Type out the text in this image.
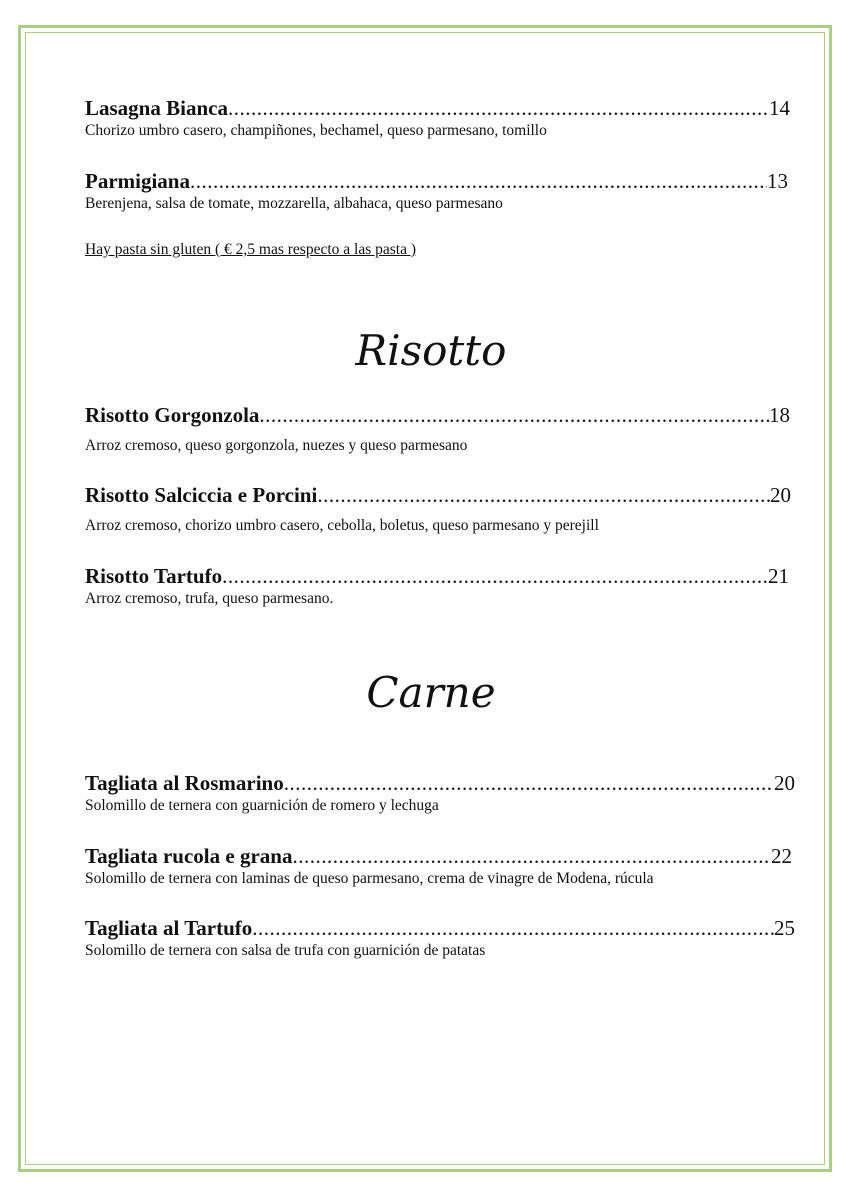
Lasagna Bianca .....	14
Chorizo umbro casero, champiñones, bechamel, queso parmesano, tomillo
Parmigiana .....	13
Berenjena, salsa de tomate, mozzarella, albahaca, queso parmesano
Hay pasta sin gluten ( € 2,5 mas respecto a las pasta )
Risotto
Risotto Gorgonzola .....	18
Arroz cremoso, queso gorgonzola, nuezes y queso parmesano
Risotto Salciccia e Porcini .....	20
Arroz cremoso, chorizo umbro casero, cebolla, boletus, queso parmesano y perejill
Risotto Tartufo .....	21
Arroz cremoso, trufa, queso parmesano.
Carne
Tagliata al Rosmarino .....	20
Solomillo de ternera con guarnición de romero y lechuga
Tagliata rucola e grana .....	22
Solomillo de ternera con laminas de queso parmesano, crema de vinagre de Modena, rúcula
Tagliata al Tartufo .....	25
Solomillo de ternera con salsa de trufa con guarnición de patatas
